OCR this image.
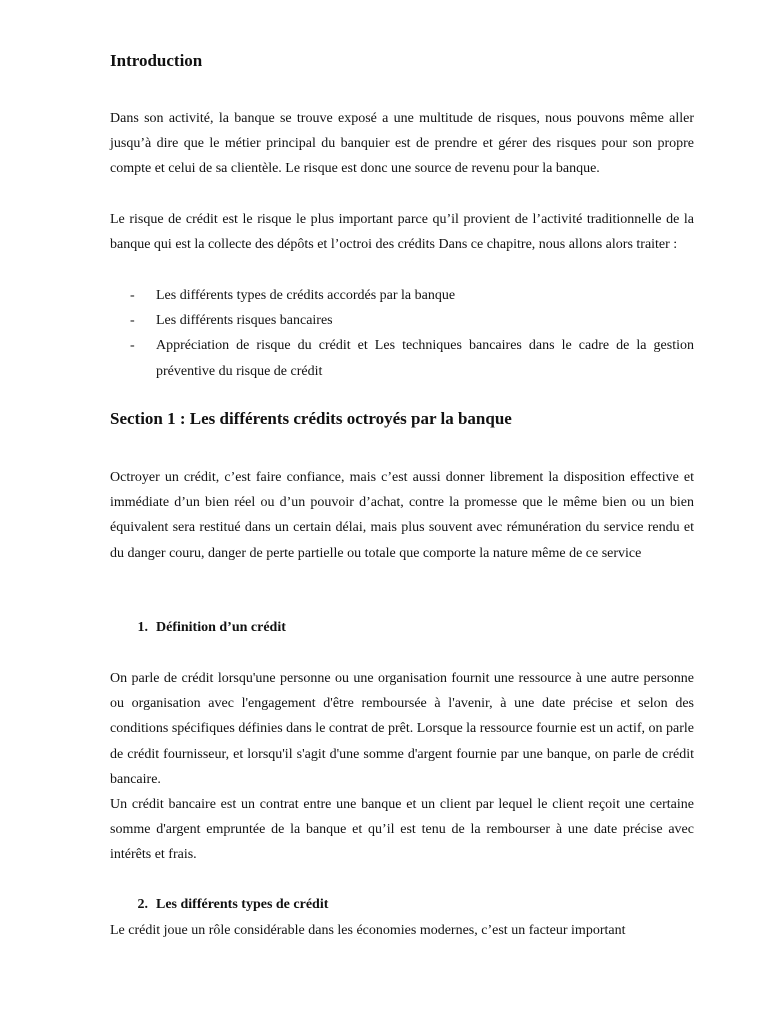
Introduction

Dans son activité, la banque se trouve exposé a une multitude de risques, nous pouvons même aller jusqu’à dire que le métier principal du banquier est de prendre et gérer des risques pour son propre compte et celui de sa clientèle. Le risque est donc une source de revenu pour la banque.

Le risque de crédit est le risque le plus important parce qu’il provient de l’activité traditionnelle de la banque qui est la collecte des dépôts et l’octroi des crédits Dans ce chapitre, nous allons alors traiter :

- Les différents types de crédits accordés par la banque
- Les différents risques bancaires
- Appréciation de risque du crédit et Les techniques bancaires dans le cadre de la gestion préventive du risque de crédit
Section 1 : Les différents crédits octroyés par la banque

Octroyer un crédit, c’est faire confiance, mais c’est aussi donner librement la disposition effective et immédiate d’un bien réel ou d’un pouvoir d’achat, contre la promesse que le même bien ou un bien équivalent sera restitué dans un certain délai, mais plus souvent avec rémunération du service rendu et du danger couru, danger de perte partielle ou totale que comporte la nature même de ce service

1. Définition d’un crédit

On parle de crédit lorsqu'une personne ou une organisation fournit une ressource à une autre personne ou organisation avec l'engagement d'être remboursée à l'avenir, à une date précise et selon des conditions spécifiques définies dans le contrat de prêt. Lorsque la ressource fournie est un actif, on parle de crédit fournisseur, et lorsqu'il s'agit d'une somme d'argent fournie par une banque, on parle de crédit bancaire.

Un crédit bancaire est un contrat entre une banque et un client par lequel le client reçoit une certaine somme d'argent empruntée de la banque et qu’il est tenu de la rembourser à une date précise avec intérêts et frais.

2. Les différents types de crédit

Le crédit joue un rôle considérable dans les économies modernes, c’est un facteur important
